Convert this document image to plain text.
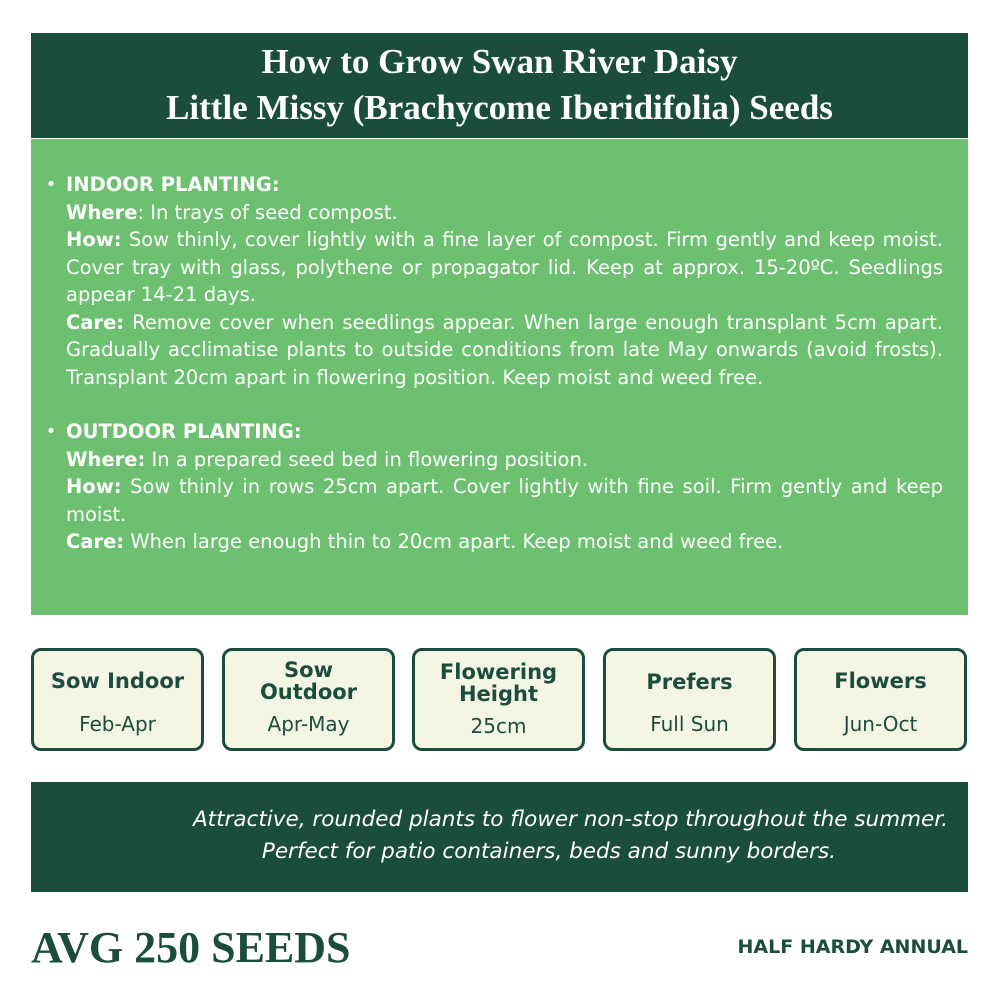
How to Grow Swan River Daisy
Little Missy (Brachycome Iberidifolia) Seeds
• INDOOR PLANTING:
Where: In trays of seed compost.
How: Sow thinly, cover lightly with a fine layer of compost. Firm gently and keep moist. Cover tray with glass, polythene or propagator lid. Keep at approx. 15-20ºC. Seedlings appear 14-21 days.
Care: Remove cover when seedlings appear. When large enough transplant 5cm apart. Gradually acclimatise plants to outside conditions from late May onwards (avoid frosts). Transplant 20cm apart in flowering position. Keep moist and weed free.
• OUTDOOR PLANTING:
Where: In a prepared seed bed in flowering position.
How: Sow thinly in rows 25cm apart. Cover lightly with fine soil. Firm gently and keep moist.
Care: When large enough thin to 20cm apart. Keep moist and weed free.
Sow Indoor
Feb-Apr
Sow
Outdoor
Apr-May
Flowering
Height
25cm
Prefers
Full Sun
Flowers
Jun-Oct
Attractive, rounded plants to flower non-stop throughout the summer.
Perfect for patio containers, beds and sunny borders.
AVG 250 SEEDS	HALF HARDY ANNUAL
